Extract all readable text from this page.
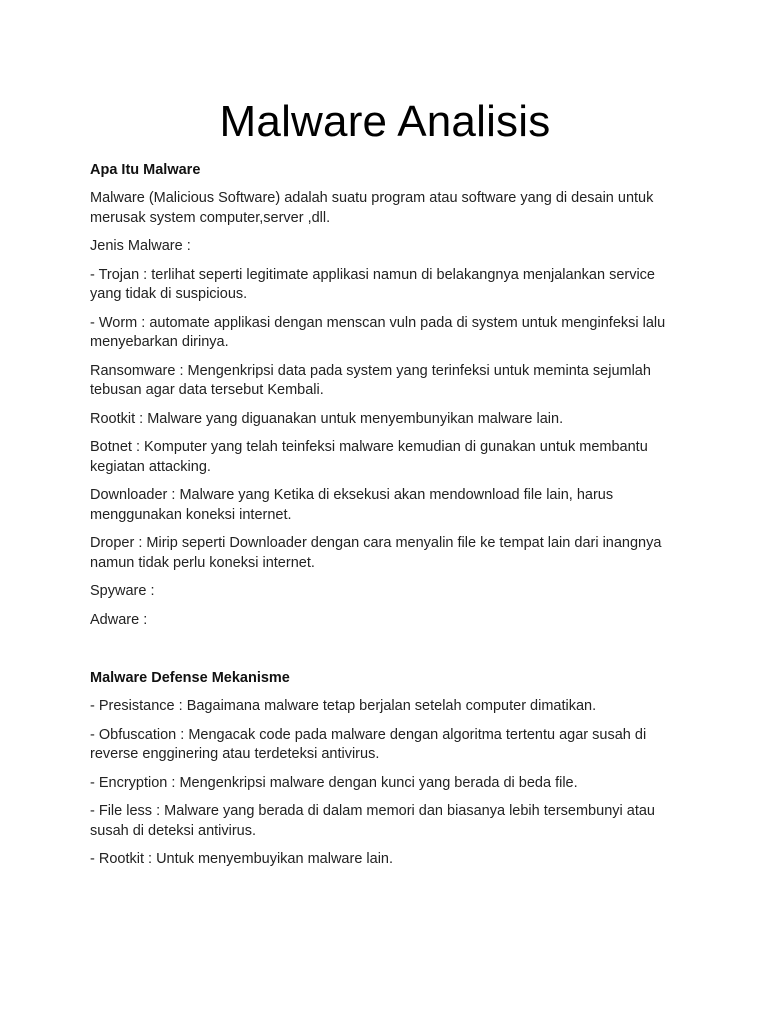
Malware Analisis
Apa Itu Malware

Malware (Malicious Software) adalah suatu program atau software yang di desain untuk merusak system computer,server ,dll.

Jenis Malware :

- Trojan : terlihat seperti legitimate applikasi namun di belakangnya menjalankan service yang tidak di suspicious.

- Worm : automate applikasi dengan menscan vuln pada di system untuk menginfeksi lalu menyebarkan dirinya.

Ransomware : Mengenkripsi data pada system yang terinfeksi untuk meminta sejumlah tebusan agar data tersebut Kembali.

Rootkit : Malware yang diguanakan untuk menyembunyikan malware lain.

Botnet : Komputer yang telah teinfeksi malware kemudian di gunakan untuk membantu kegiatan attacking.

Downloader : Malware yang Ketika di eksekusi akan mendownload file lain, harus menggunakan koneksi internet.

Droper : Mirip seperti Downloader dengan cara menyalin file ke tempat lain dari inangnya namun tidak perlu koneksi internet.

Spyware :

Adware :

Malware Defense Mekanisme

- Presistance : Bagaimana malware tetap berjalan setelah computer dimatikan.

- Obfuscation : Mengacak code pada malware dengan algoritma tertentu agar susah di reverse engginering atau terdeteksi antivirus.

- Encryption : Mengenkripsi malware dengan kunci yang berada di beda file.

- File less : Malware yang berada di dalam memori dan biasanya lebih tersembunyi atau susah di deteksi antivirus.

- Rootkit : Untuk menyembuyikan malware lain.
